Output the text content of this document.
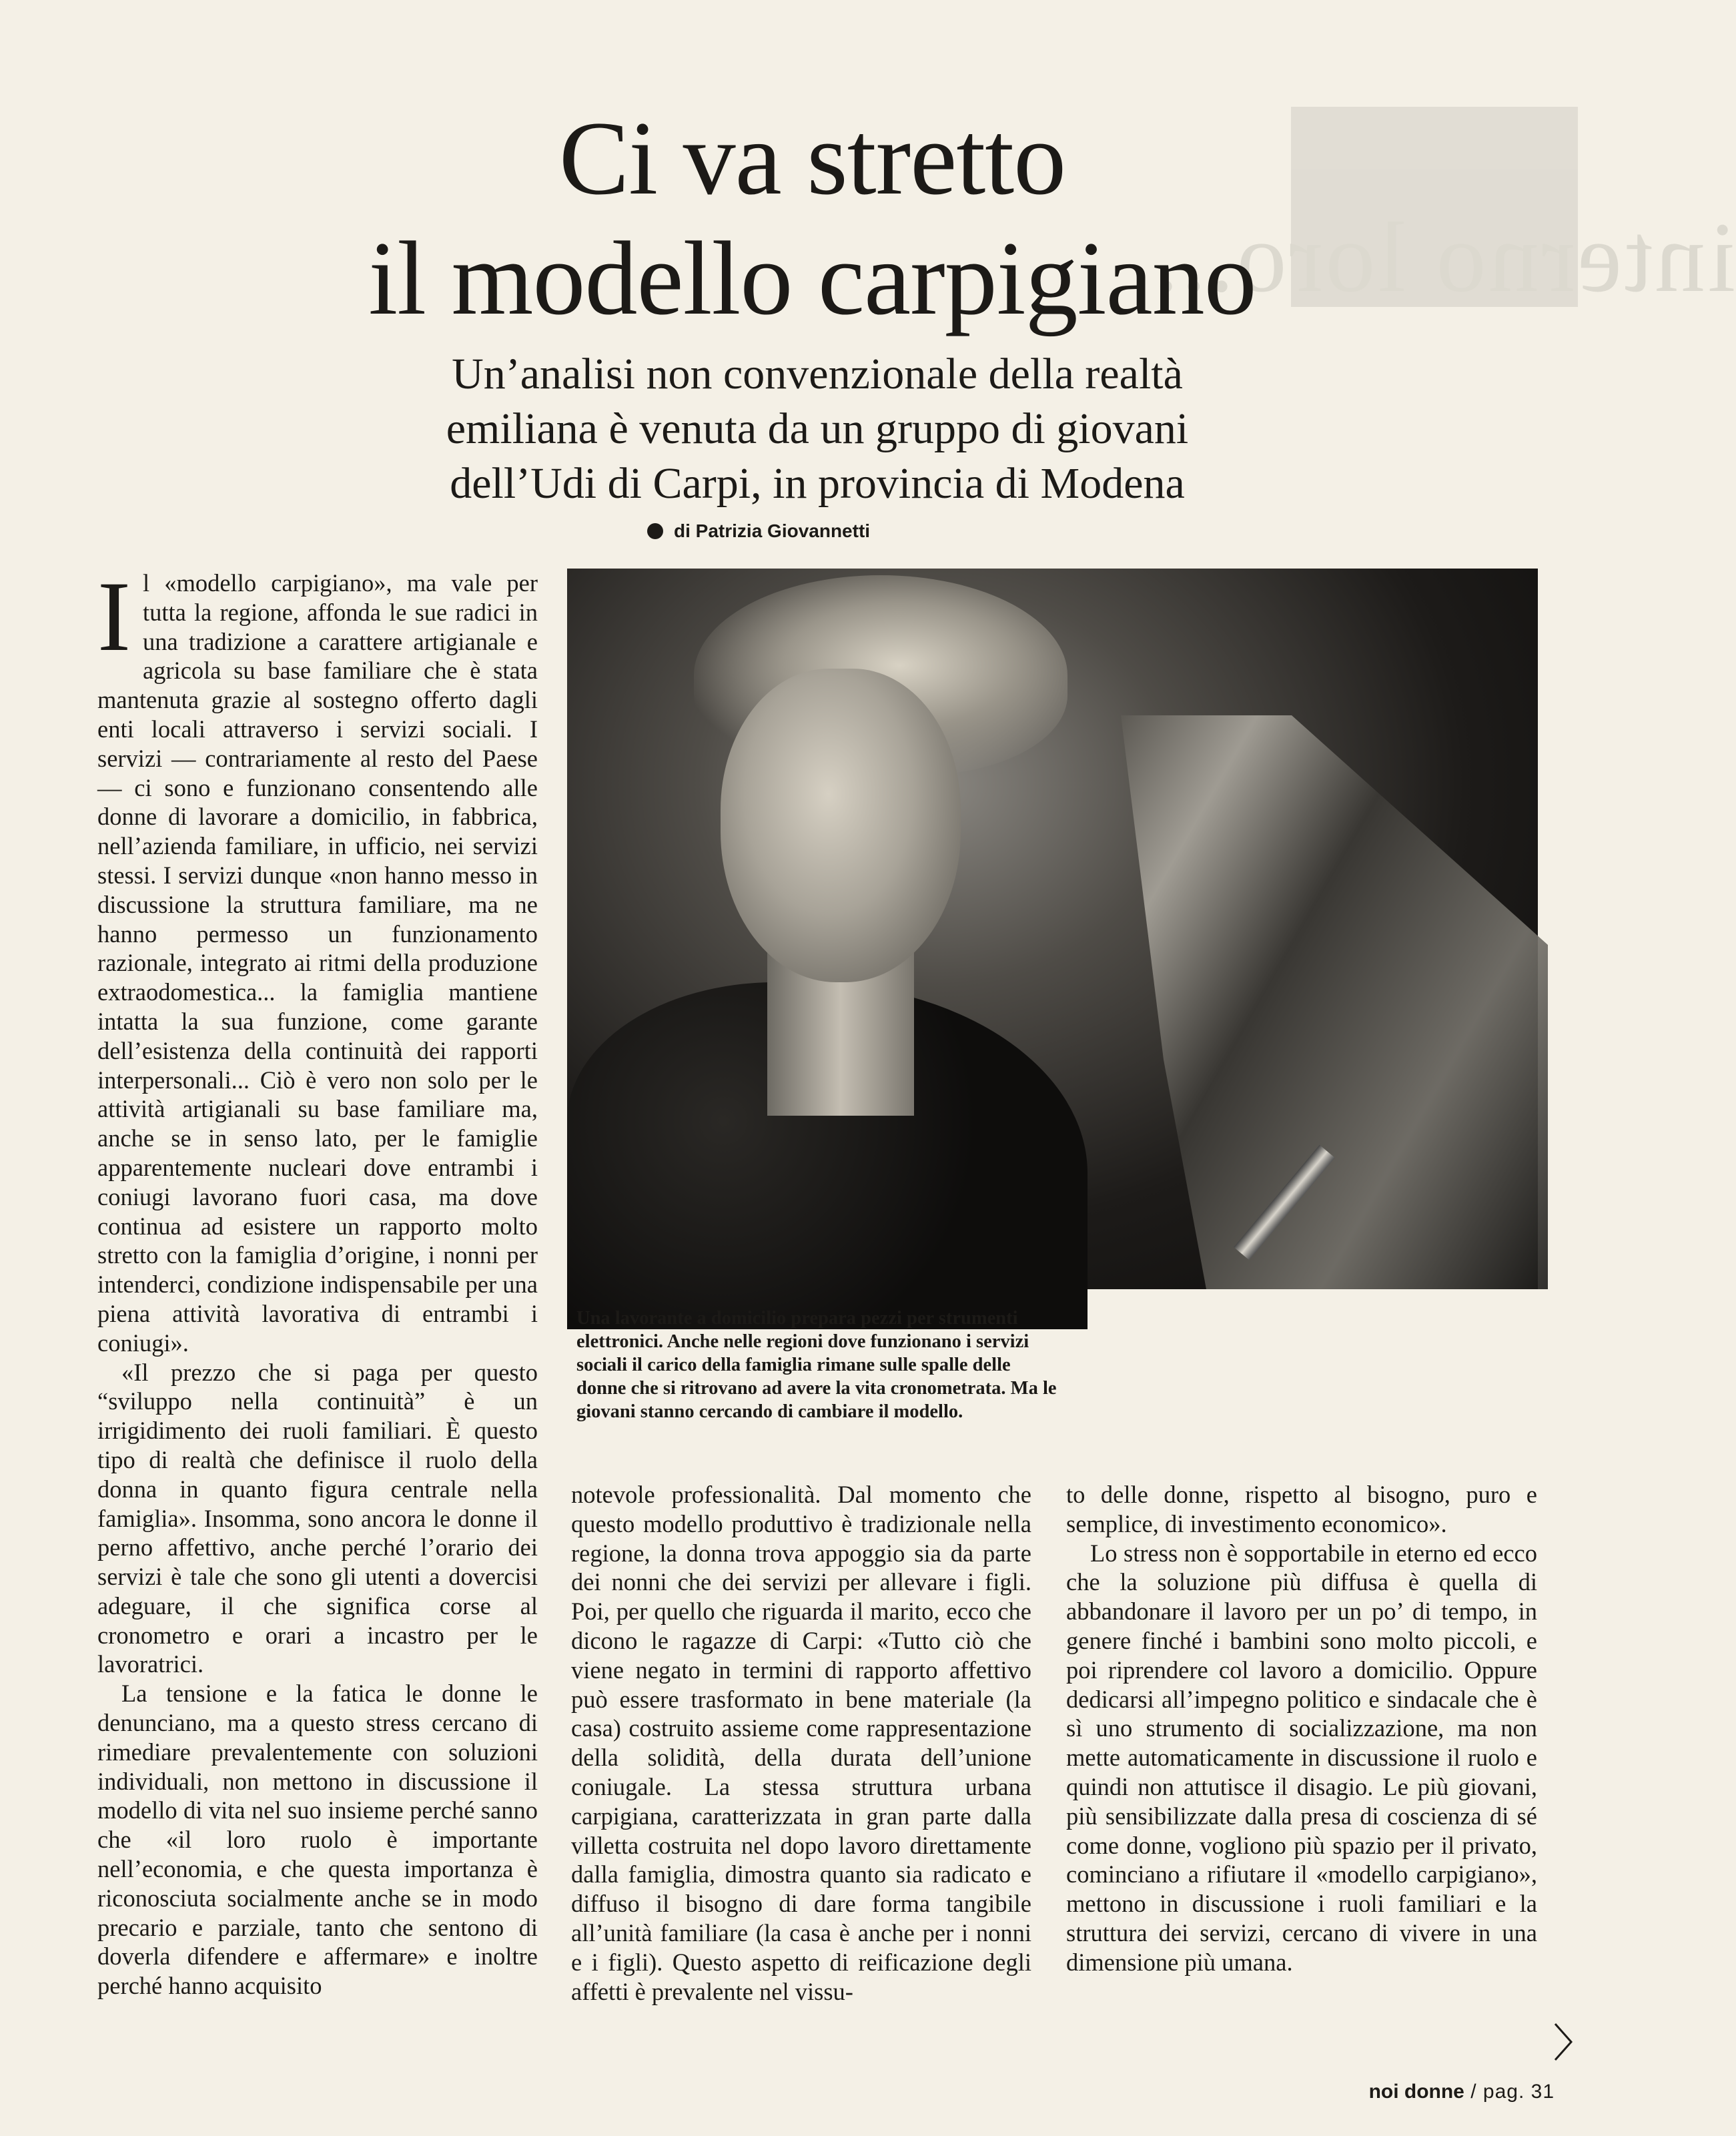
interno loro...
Ci va stretto
il modello carpigiano
Un’analisi non convenzionale della realtà
emiliana è venuta da un gruppo di giovani
dell’Udi di Carpi, in provincia di Modena
di Patrizia Giovannetti

Il «modello carpigiano», ma vale per tutta la regione, affonda le sue radici in una tradizione a carattere artigianale e agricola su base familiare che è stata mantenuta grazie al sostegno offerto dagli enti locali attraverso i servizi sociali. I servizi — contrariamente al resto del Paese — ci sono e funzionano consentendo alle donne di lavorare a domicilio, in fabbrica, nell’azienda familiare, in ufficio, nei servizi stessi. I servizi dunque «non hanno messo in discussione la struttura familiare, ma ne hanno permesso un funzionamento razionale, integrato ai ritmi della produzione extraodomestica... la famiglia mantiene intatta la sua funzione, come garante dell’esistenza della continuità dei rapporti interpersonali... Ciò è vero non solo per le attività artigianali su base familiare ma, anche se in senso lato, per le famiglie apparentemente nucleari dove entrambi i coniugi lavorano fuori casa, ma dove continua ad esistere un rapporto molto stretto con la famiglia d’origine, i nonni per intenderci, condizione indispensabile per una piena attività lavorativa di entrambi i coniugi».

«Il prezzo che si paga per questo “sviluppo nella continuità” è un irrigidimento dei ruoli familiari. È questo tipo di realtà che definisce il ruolo della donna in quanto figura centrale nella famiglia». Insomma, sono ancora le donne il perno affettivo, anche perché l’orario dei servizi è tale che sono gli utenti a dovercisi adeguare, il che significa corse al cronometro e orari a incastro per le lavoratrici.

La tensione e la fatica le donne le denunciano, ma a questo stress cercano di rimediare prevalentemente con soluzioni individuali, non mettono in discussione il modello di vita nel suo insieme perché sanno che «il loro ruolo è importante nell’economia, e che questa importanza è riconosciuta socialmente anche se in modo precario e parziale, tanto che sentono di doverla difendere e affermare» e inoltre perché hanno acquisito

Una lavorante a domicilio prepara pezzi per strumenti elettronici. Anche nelle regioni dove funzionano i servizi sociali il carico della famiglia rimane sulle spalle delle donne che si ritrovano ad avere la vita cronometrata. Ma le giovani stanno cercando di cambiare il modello.

notevole professionalità. Dal momento che questo modello produttivo è tradizionale nella regione, la donna trova appoggio sia da parte dei nonni che dei servizi per allevare i figli. Poi, per quello che riguarda il marito, ecco che dicono le ragazze di Carpi: «Tutto ciò che viene negato in termini di rapporto affettivo può essere trasformato in bene materiale (la casa) costruito assieme come rappresentazione della solidità, della durata dell’unione coniugale. La stessa struttura urbana carpigiana, caratterizzata in gran parte dalla villetta costruita nel dopo lavoro direttamente dalla famiglia, dimostra quanto sia radicato e diffuso il bisogno di dare forma tangibile all’unità familiare (la casa è anche per i nonni e i figli). Questo aspetto di reificazione degli affetti è prevalente nel vissu-

to delle donne, rispetto al bisogno, puro e semplice, di investimento economico».

Lo stress non è sopportabile in eterno ed ecco che la soluzione più diffusa è quella di abbandonare il lavoro per un po’ di tempo, in genere finché i bambini sono molto piccoli, e poi riprendere col lavoro a domicilio. Oppure dedicarsi all’impegno politico e sindacale che è sì uno strumento di socializzazione, ma non mette automaticamente in discussione il ruolo e quindi non attutisce il disagio. Le più giovani, più sensibilizzate dalla presa di coscienza di sé come donne, vogliono più spazio per il privato, cominciano a rifiutare il «modello carpigiano», mettono in discussione i ruoli familiari e la struttura dei servizi, cercano di vivere in una dimensione più umana.

noi donne / pag. 31
